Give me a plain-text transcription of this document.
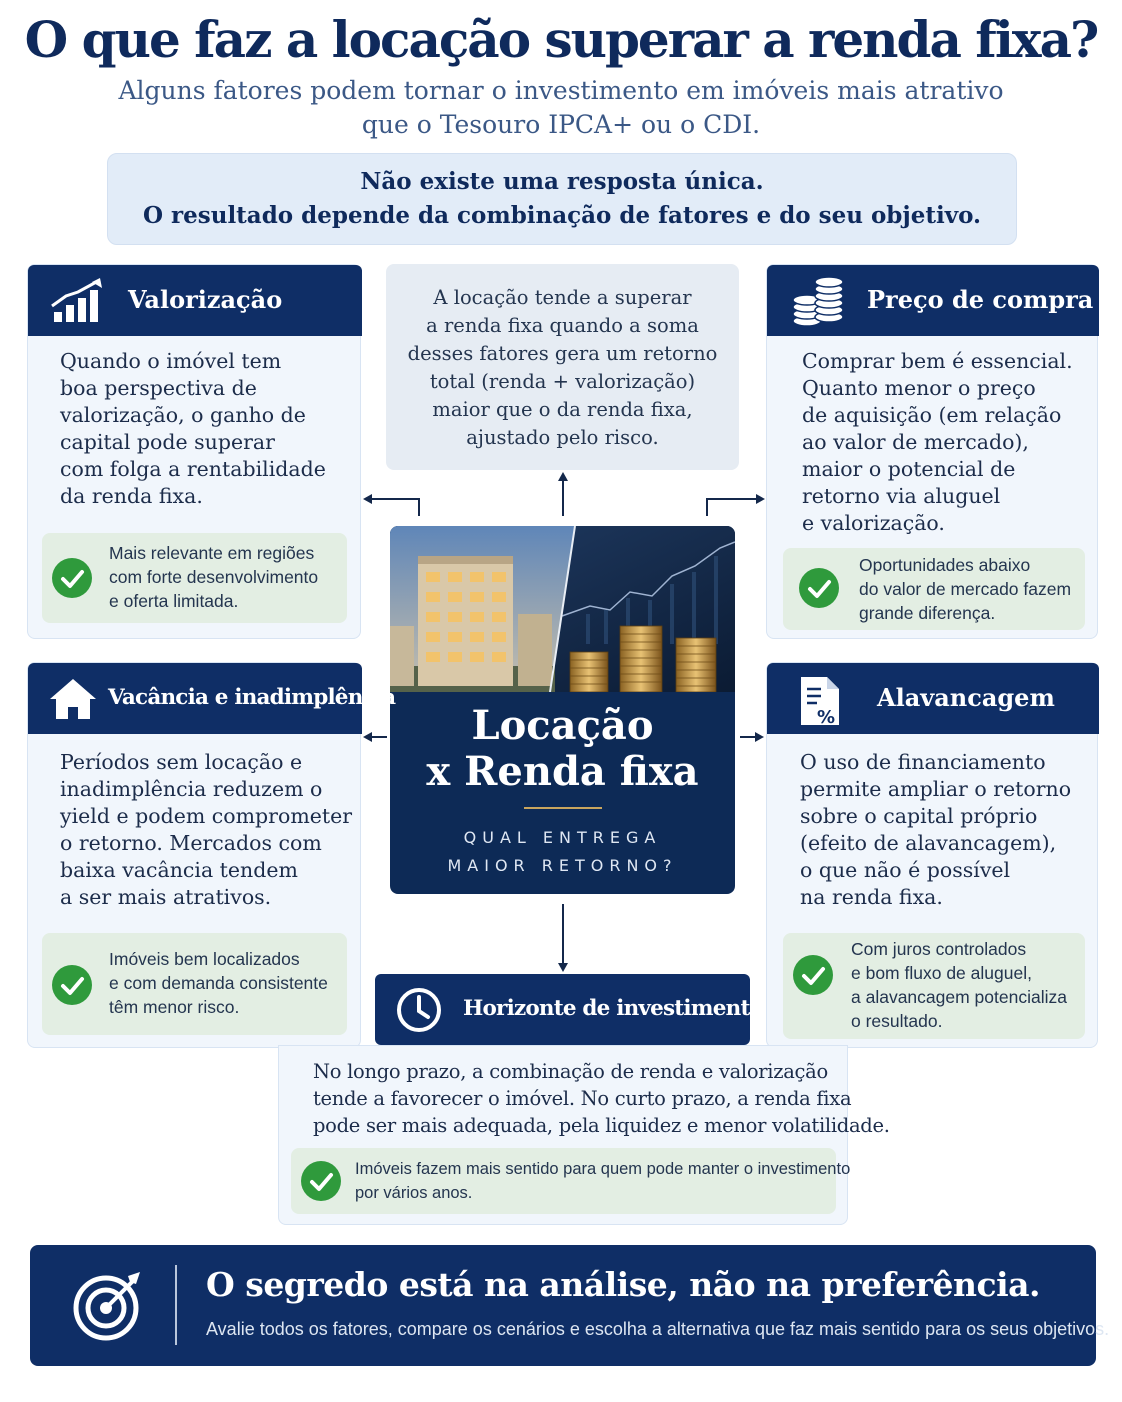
O que faz a locação superar a renda fixa?
Alguns fatores podem tornar o investimento em imóveis mais atrativo
que o Tesouro IPCA+ ou o CDI.
Não existe uma resposta única.
O resultado depende da combinação de fatores e do seu objetivo.
Valorização
Quando o imóvel tem
boa perspectiva de
valorização, o ganho de
capital pode superar
com folga a rentabilidade
da renda fixa.
Mais relevante em regiões
com forte desenvolvimento
e oferta limitada.
Preço de compra
Comprar bem é essencial.
Quanto menor o preço
de aquisição (em relação
ao valor de mercado),
maior o potencial de
retorno via aluguel
e valorização.
Oportunidades abaixo
do valor de mercado fazem
grande diferença.
A locação tende a superar
a renda fixa quando a soma
desses fatores gera um retorno
total (renda + valorização)
maior que o da renda fixa,
ajustado pelo risco.
Locação
x Renda fixa
QUAL ENTREGA
MAIOR RETORNO?
Vacância e inadimplência
Períodos sem locação e
inadimplência reduzem o
yield e podem comprometer
o retorno. Mercados com
baixa vacância tendem
a ser mais atrativos.
Imóveis bem localizados
e com demanda consistente
têm menor risco.
%
Alavancagem
O uso de financiamento
permite ampliar o retorno
sobre o capital próprio
(efeito de alavancagem),
o que não é possível
na renda fixa.
Com juros controlados
e bom fluxo de aluguel,
a alavancagem potencializa
o resultado.
No longo prazo, a combinação de renda e valorização
tende a favorecer o imóvel. No curto prazo, a renda fixa
pode ser mais adequada, pela liquidez e menor volatilidade.
Imóveis fazem mais sentido para quem pode manter o investimento
por vários anos.
Horizonte de investimento
O segredo está na análise, não na preferência.
Avalie todos os fatores, compare os cenários e escolha a alternativa que faz mais sentido para os seus objetivos.
